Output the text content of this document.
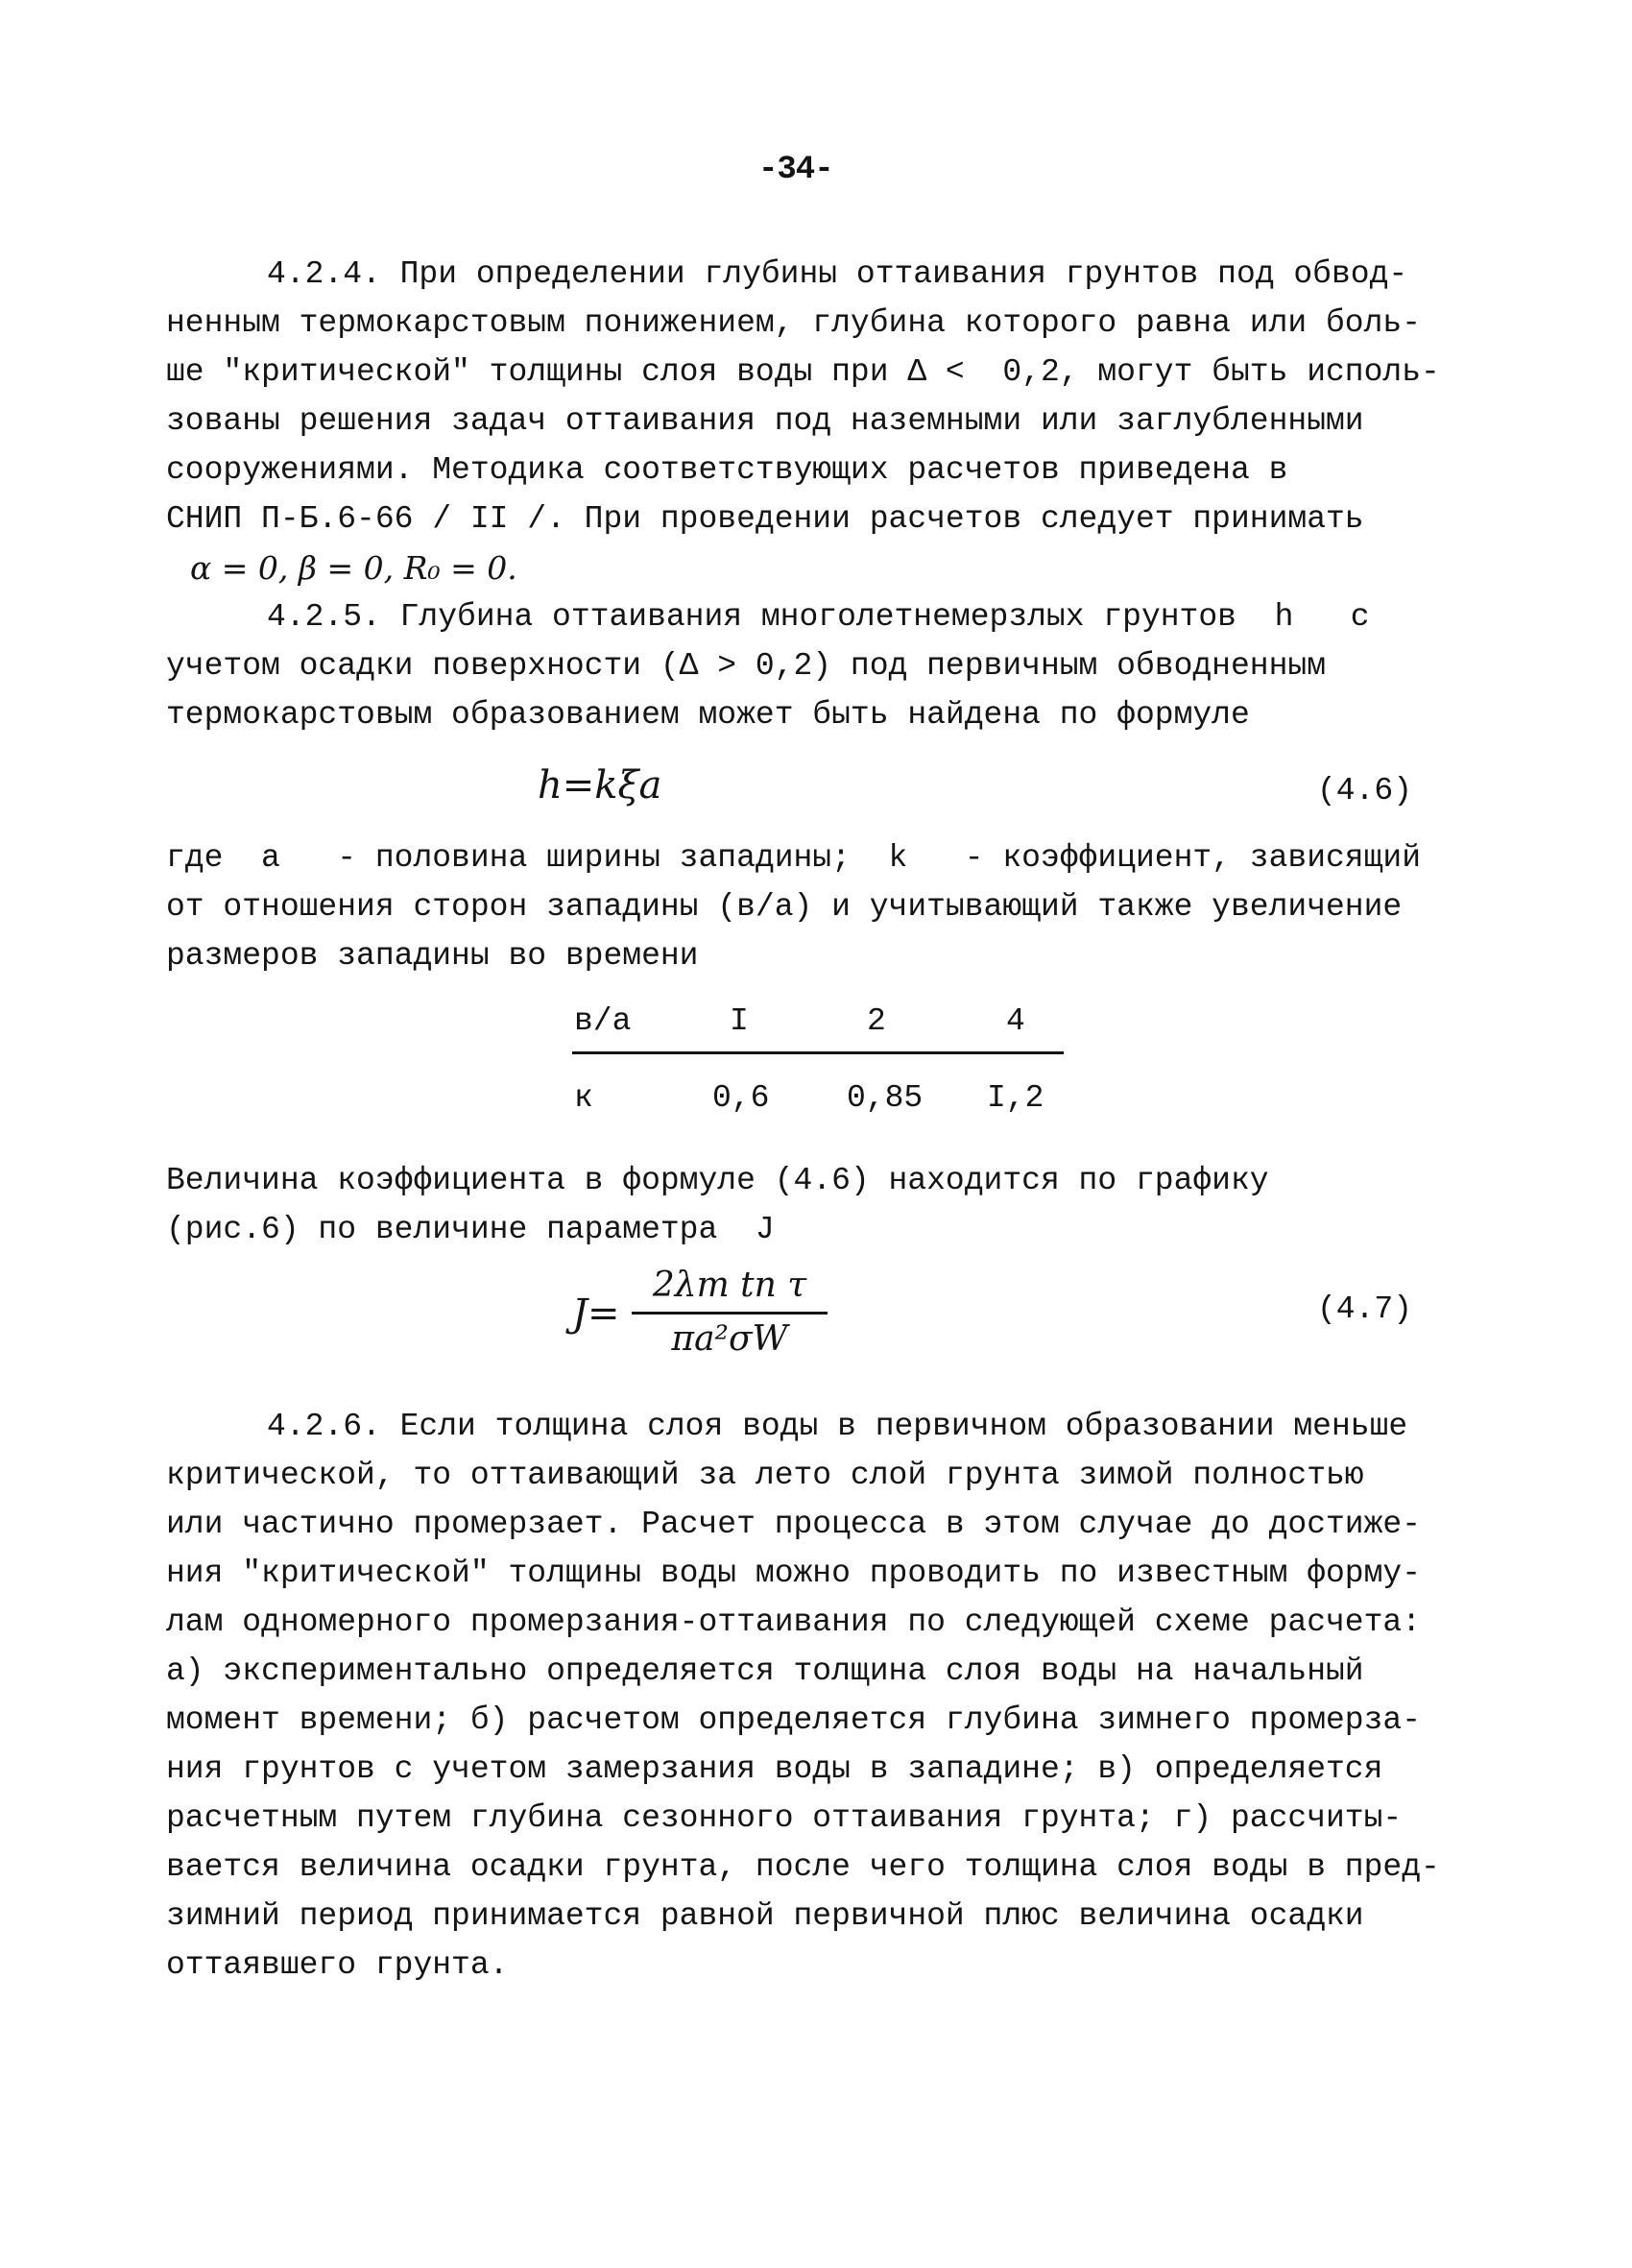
-34-
4.2.4. При определении глубины оттаивания грунтов под обвод-
ненным термокарстовым понижением, глубина которого равна или боль-
ше "критической" толщины слоя воды при Δ <  0,2, могут быть исполь-
зованы решения задач оттаивания под наземными или заглубленными
сооружениями. Методика соответствующих расчетов приведена в
СНИП П-Б.6-66 / II /. При проведении расчетов следует принимать
α = 0, β = 0, R₀ = 0.
4.2.5. Глубина оттаивания многолетнемерзлых грунтов  h   с
учетом осадки поверхности (Δ > 0,2) под первичным обводненным
термокарстовым образованием может быть найдена по формуле
h=kξa	(4.6)
где  a   - половина ширины западины;  k   - коэффициент, зависящий
от отношения сторон западины (в/a) и учитывающий также увеличение
размеров западины во времени
в/а	I	2	4
к	0,6 0,85 I,2
Величина коэффициента в формуле (4.6) находится по графику
(рис.6) по величине параметра  Ј
Ј=
2λт tп τ
πa²σW
(4.7)
4.2.6. Если толщина слоя воды в первичном образовании меньше
критической, то оттаивающий за лето слой грунта зимой полностью
или частично промерзает. Расчет процесса в этом случае до достиже-
ния "критической" толщины воды можно проводить по известным форму-
лам одномерного промерзания-оттаивания по следующей схеме расчета:
а) экспериментально определяется толщина слоя воды на начальный
момент времени; б) расчетом определяется глубина зимнего промерза-
ния грунтов с учетом замерзания воды в западине; в) определяется
расчетным путем глубина сезонного оттаивания грунта; г) рассчиты-
вается величина осадки грунта, после чего толщина слоя воды в пред-
зимний период принимается равной первичной плюс величина осадки
оттаявшего грунта.
